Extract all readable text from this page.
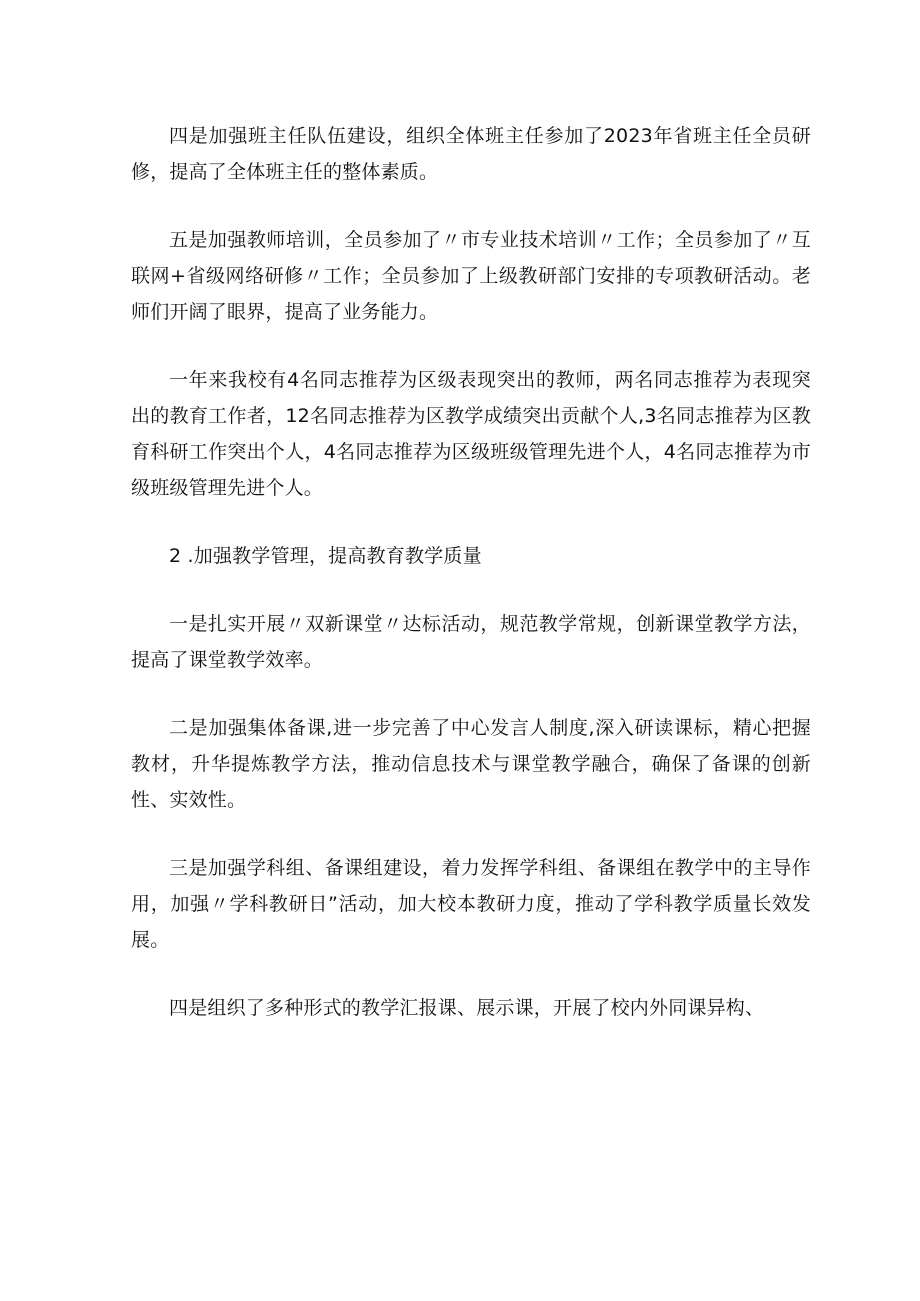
四是加强班主任队伍建设，组织全体班主任参加了2023年省班主任全员研修，提高了全体班主任的整体素质。

五是加强教师培训，全员参加了〃市专业技术培训〃工作；全员参加了〃互联网+省级网络研修〃工作；全员参加了上级教研部门安排的专项教研活动。老师们开阔了眼界，提高了业务能力。

一年来我校有4名同志推荐为区级表现突出的教师，两名同志推荐为表现突出的教育工作者，12名同志推荐为区教学成绩突出贡献个人,3名同志推荐为区教育科研工作突出个人，4名同志推荐为区级班级管理先进个人，4名同志推荐为市级班级管理先进个人。

2 .加强教学管理，提高教育教学质量

一是扎实开展〃双新课堂〃达标活动，规范教学常规，创新课堂教学方法，提高了课堂教学效率。

二是加强集体备课,进一步完善了中心发言人制度,深入研读课标，精心把握教材，升华提炼教学方法，推动信息技术与课堂教学融合，确保了备课的创新性、实效性。

三是加强学科组、备课组建设，着力发挥学科组、备课组在教学中的主导作用，加强〃学科教研日”活动，加大校本教研力度，推动了学科教学质量长效发展。

四是组织了多种形式的教学汇报课、展示课，开展了校内外同课异构、
